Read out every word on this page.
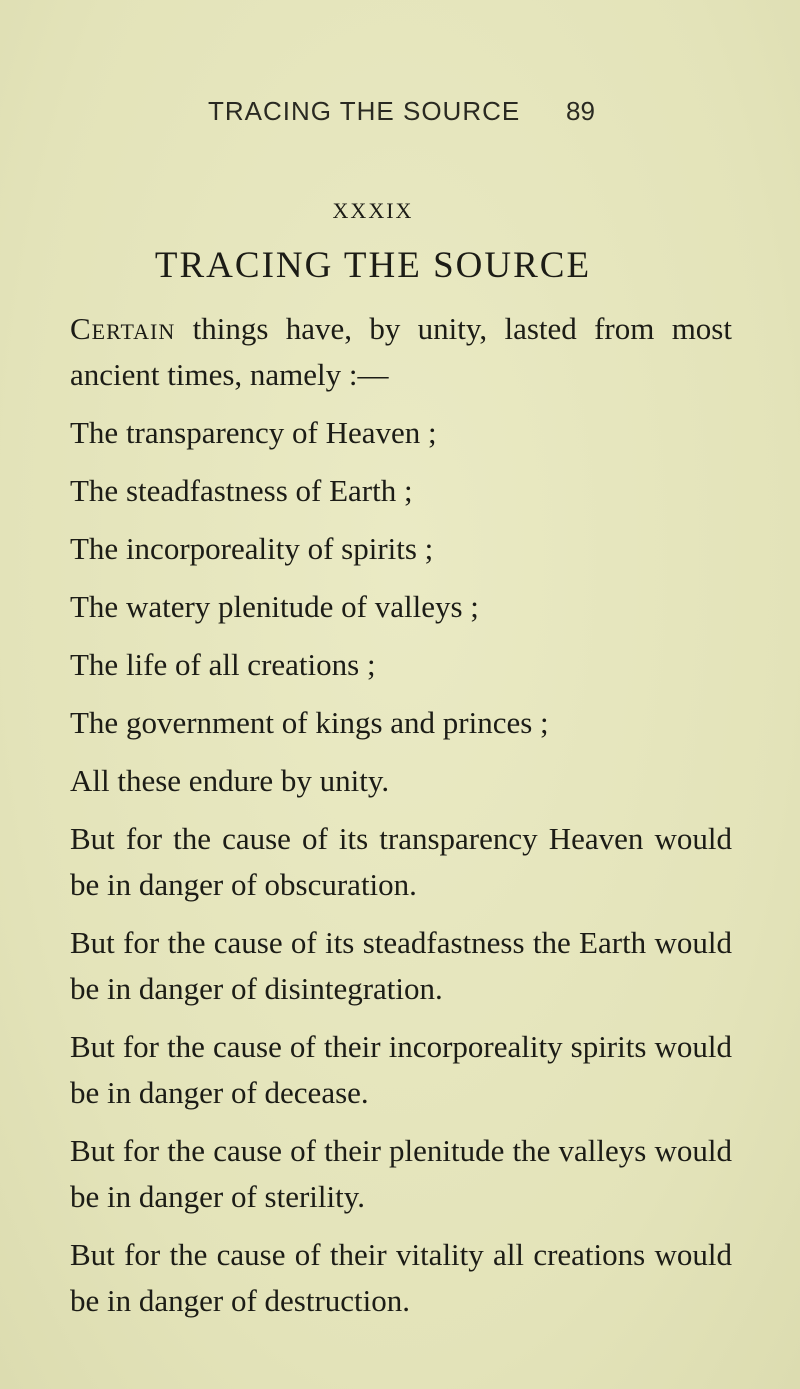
TRACING THE SOURCE 89
XXXIX
TRACING THE SOURCE

Certain things have, by unity, lasted from most ancient times, namely :—

The transparency of Heaven ;
The steadfastness of Earth ;
The incorporeality of spirits ;
The watery plenitude of valleys ;
The life of all creations ;
The government of kings and princes ;
All these endure by unity.

But for the cause of its transparency Heaven would be in danger of obscuration.

But for the cause of its steadfastness the Earth would be in danger of disintegration.

But for the cause of their incorporeality spirits would be in danger of decease.

But for the cause of their plenitude the valleys would be in danger of sterility.

But for the cause of their vitality all creations would be in danger of destruction.
